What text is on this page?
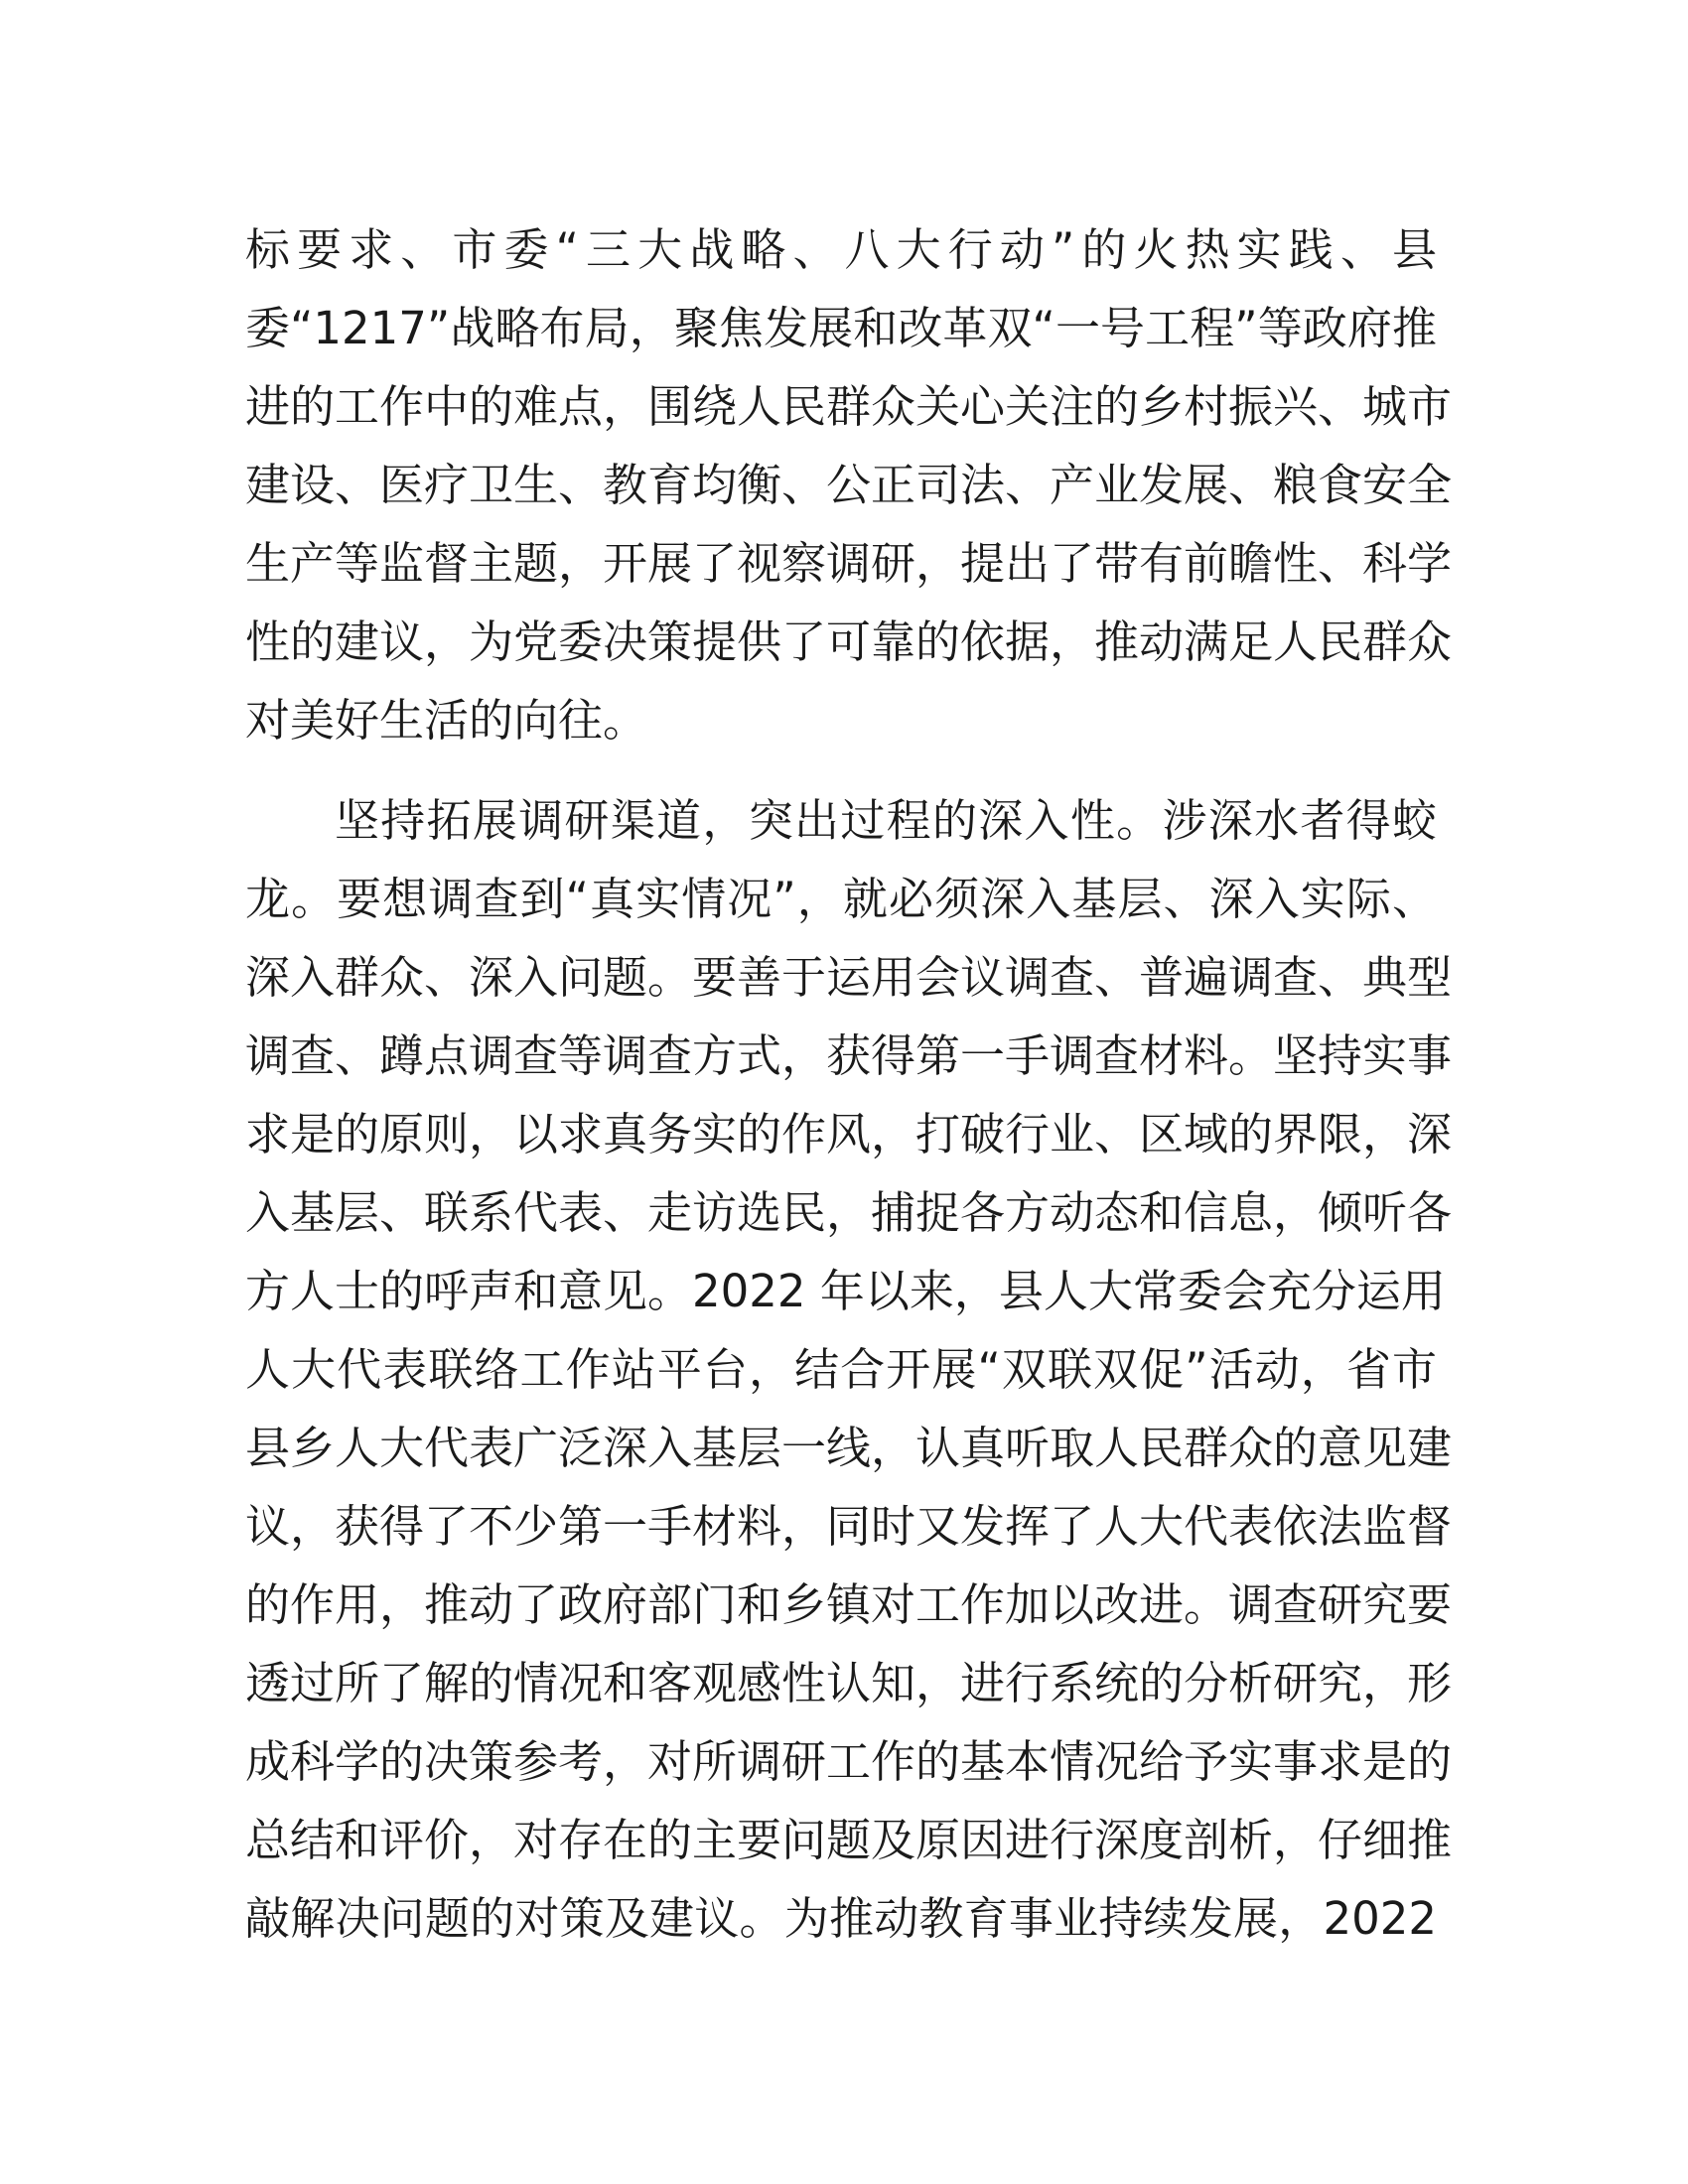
标要求、市委“三大战略、八大行动”的火热实践、县
委“1217”战略布局，聚焦发展和改革双“一号工程”等政府推
进的工作中的难点，围绕人民群众关心关注的乡村振兴、城市
建设、医疗卫生、教育均衡、公正司法、产业发展、粮食安全
生产等监督主题，开展了视察调研，提出了带有前瞻性、科学
性的建议，为党委决策提供了可靠的依据，推动满足人民群众
对美好生活的向往。
坚持拓展调研渠道，突出过程的深入性。涉深水者得蛟
龙。要想调查到“真实情况”，就必须深入基层、深入实际、
深入群众、深入问题。要善于运用会议调查、普遍调查、典型
调查、蹲点调查等调查方式，获得第一手调查材料。坚持实事
求是的原则，以求真务实的作风，打破行业、区域的界限，深
入基层、联系代表、走访选民，捕捉各方动态和信息，倾听各
方人士的呼声和意见。2022 年以来，县人大常委会充分运用
人大代表联络工作站平台，结合开展“双联双促”活动，省市
县乡人大代表广泛深入基层一线，认真听取人民群众的意见建
议，获得了不少第一手材料，同时又发挥了人大代表依法监督
的作用，推动了政府部门和乡镇对工作加以改进。调查研究要
透过所了解的情况和客观感性认知，进行系统的分析研究，形
成科学的决策参考，对所调研工作的基本情况给予实事求是的
总结和评价，对存在的主要问题及原因进行深度剖析，仔细推
敲解决问题的对策及建议。为推动教育事业持续发展，2022
